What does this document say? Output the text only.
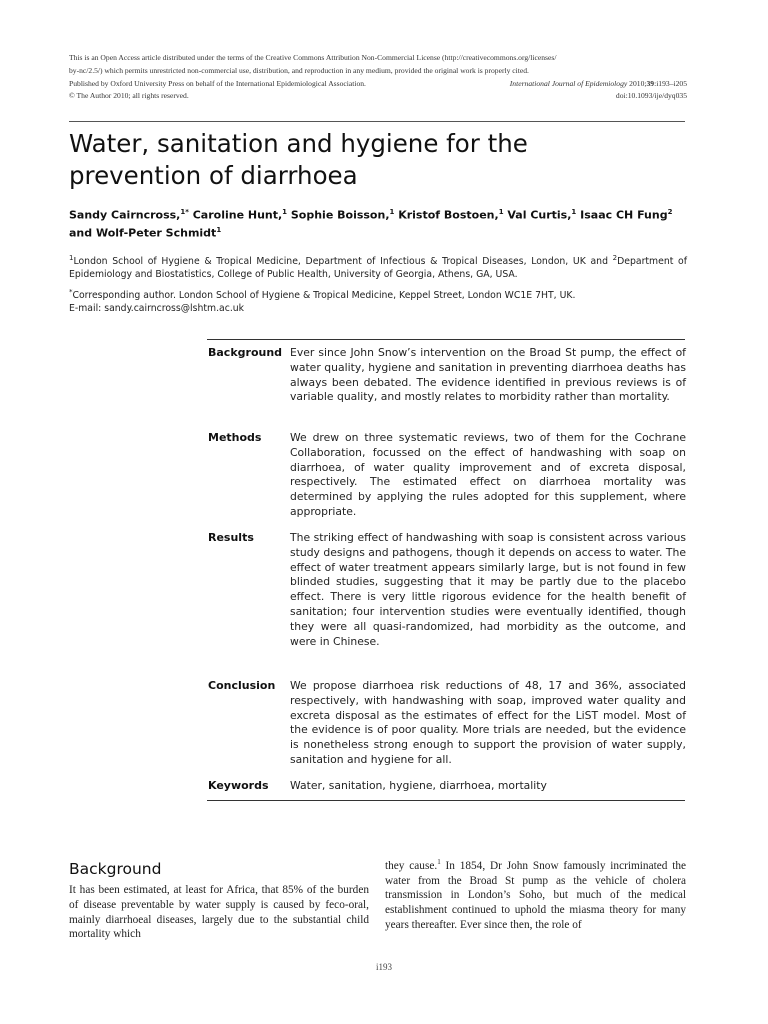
This is an Open Access article distributed under the terms of the Creative Commons Attribution Non-Commercial License (http://creativecommons.org/licenses/
by-nc/2.5/) which permits unrestricted non-commercial use, distribution, and reproduction in any medium, provided the original work is properly cited.
Published by Oxford University Press on behalf of the International Epidemiological Association.	International Journal of Epidemiology 2010;39:i193–i205
© The Author 2010; all rights reserved.	doi:10.1093/ije/dyq035
Water, sanitation and hygiene for the
prevention of diarrhoea
Sandy Cairncross,$^{1*}$ Caroline Hunt,$^1$ Sophie Boisson,$^1$ Kristof Bostoen,$^1$ Val Curtis,$^1$ Isaac CH Fung$^2$
and Wolf-Peter Schmidt$^1$
$^1$London School of Hygiene & Tropical Medicine, Department of Infectious & Tropical Diseases, London, UK and $^2$Department of Epidemiology and Biostatistics, College of Public Health, University of Georgia, Athens, GA, USA.
*Corresponding author. London School of Hygiene & Tropical Medicine, Keppel Street, London WC1E 7HT, UK.
E-mail: sandy.cairncross@lshtm.ac.uk
Background Ever since John Snow’s intervention on the Broad St pump, the effect of water quality, hygiene and sanitation in preventing diarrhoea deaths has always been debated. The evidence identified in previous reviews is of variable quality, and mostly relates to morbidity rather than mortality.
Methods	We drew on three systematic reviews, two of them for the Cochrane Collaboration, focussed on the effect of handwashing with soap on diarrhoea, of water quality improvement and of excreta disposal, respectively. The estimated effect on diarrhoea mortality was determined by applying the rules adopted for this supplement, where appropriate.
Results	The striking effect of handwashing with soap is consistent across various study designs and pathogens, though it depends on access to water. The effect of water treatment appears similarly large, but is not found in few blinded studies, suggesting that it may be partly due to the placebo effect. There is very little rigorous evidence for the health benefit of sanitation; four intervention studies were eventually identified, though they were all quasi-randomized, had morbidity as the outcome, and were in Chinese.
Conclusion	We propose diarrhoea risk reductions of 48, 17 and 36%, associated respectively, with handwashing with soap, improved water quality and excreta disposal as the estimates of effect for the LiST model. Most of the evidence is of poor quality. More trials are needed, but the evidence is nonetheless strong enough to support the provision of water supply, sanitation and hygiene for all.
Keywords	Water, sanitation, hygiene, diarrhoea, mortality
Background
It has been estimated, at least for Africa, that 85% of the burden of disease preventable by water supply is caused by feco-oral, mainly diarrhoeal diseases, largely due to the substantial child mortality which
they cause.$^1$ In 1854, Dr John Snow famously incriminated the water from the Broad St pump as the vehicle of cholera transmission in London’s Soho, but much of the medical establishment continued to uphold the miasma theory for many years thereafter. Ever since then, the role of
i193
